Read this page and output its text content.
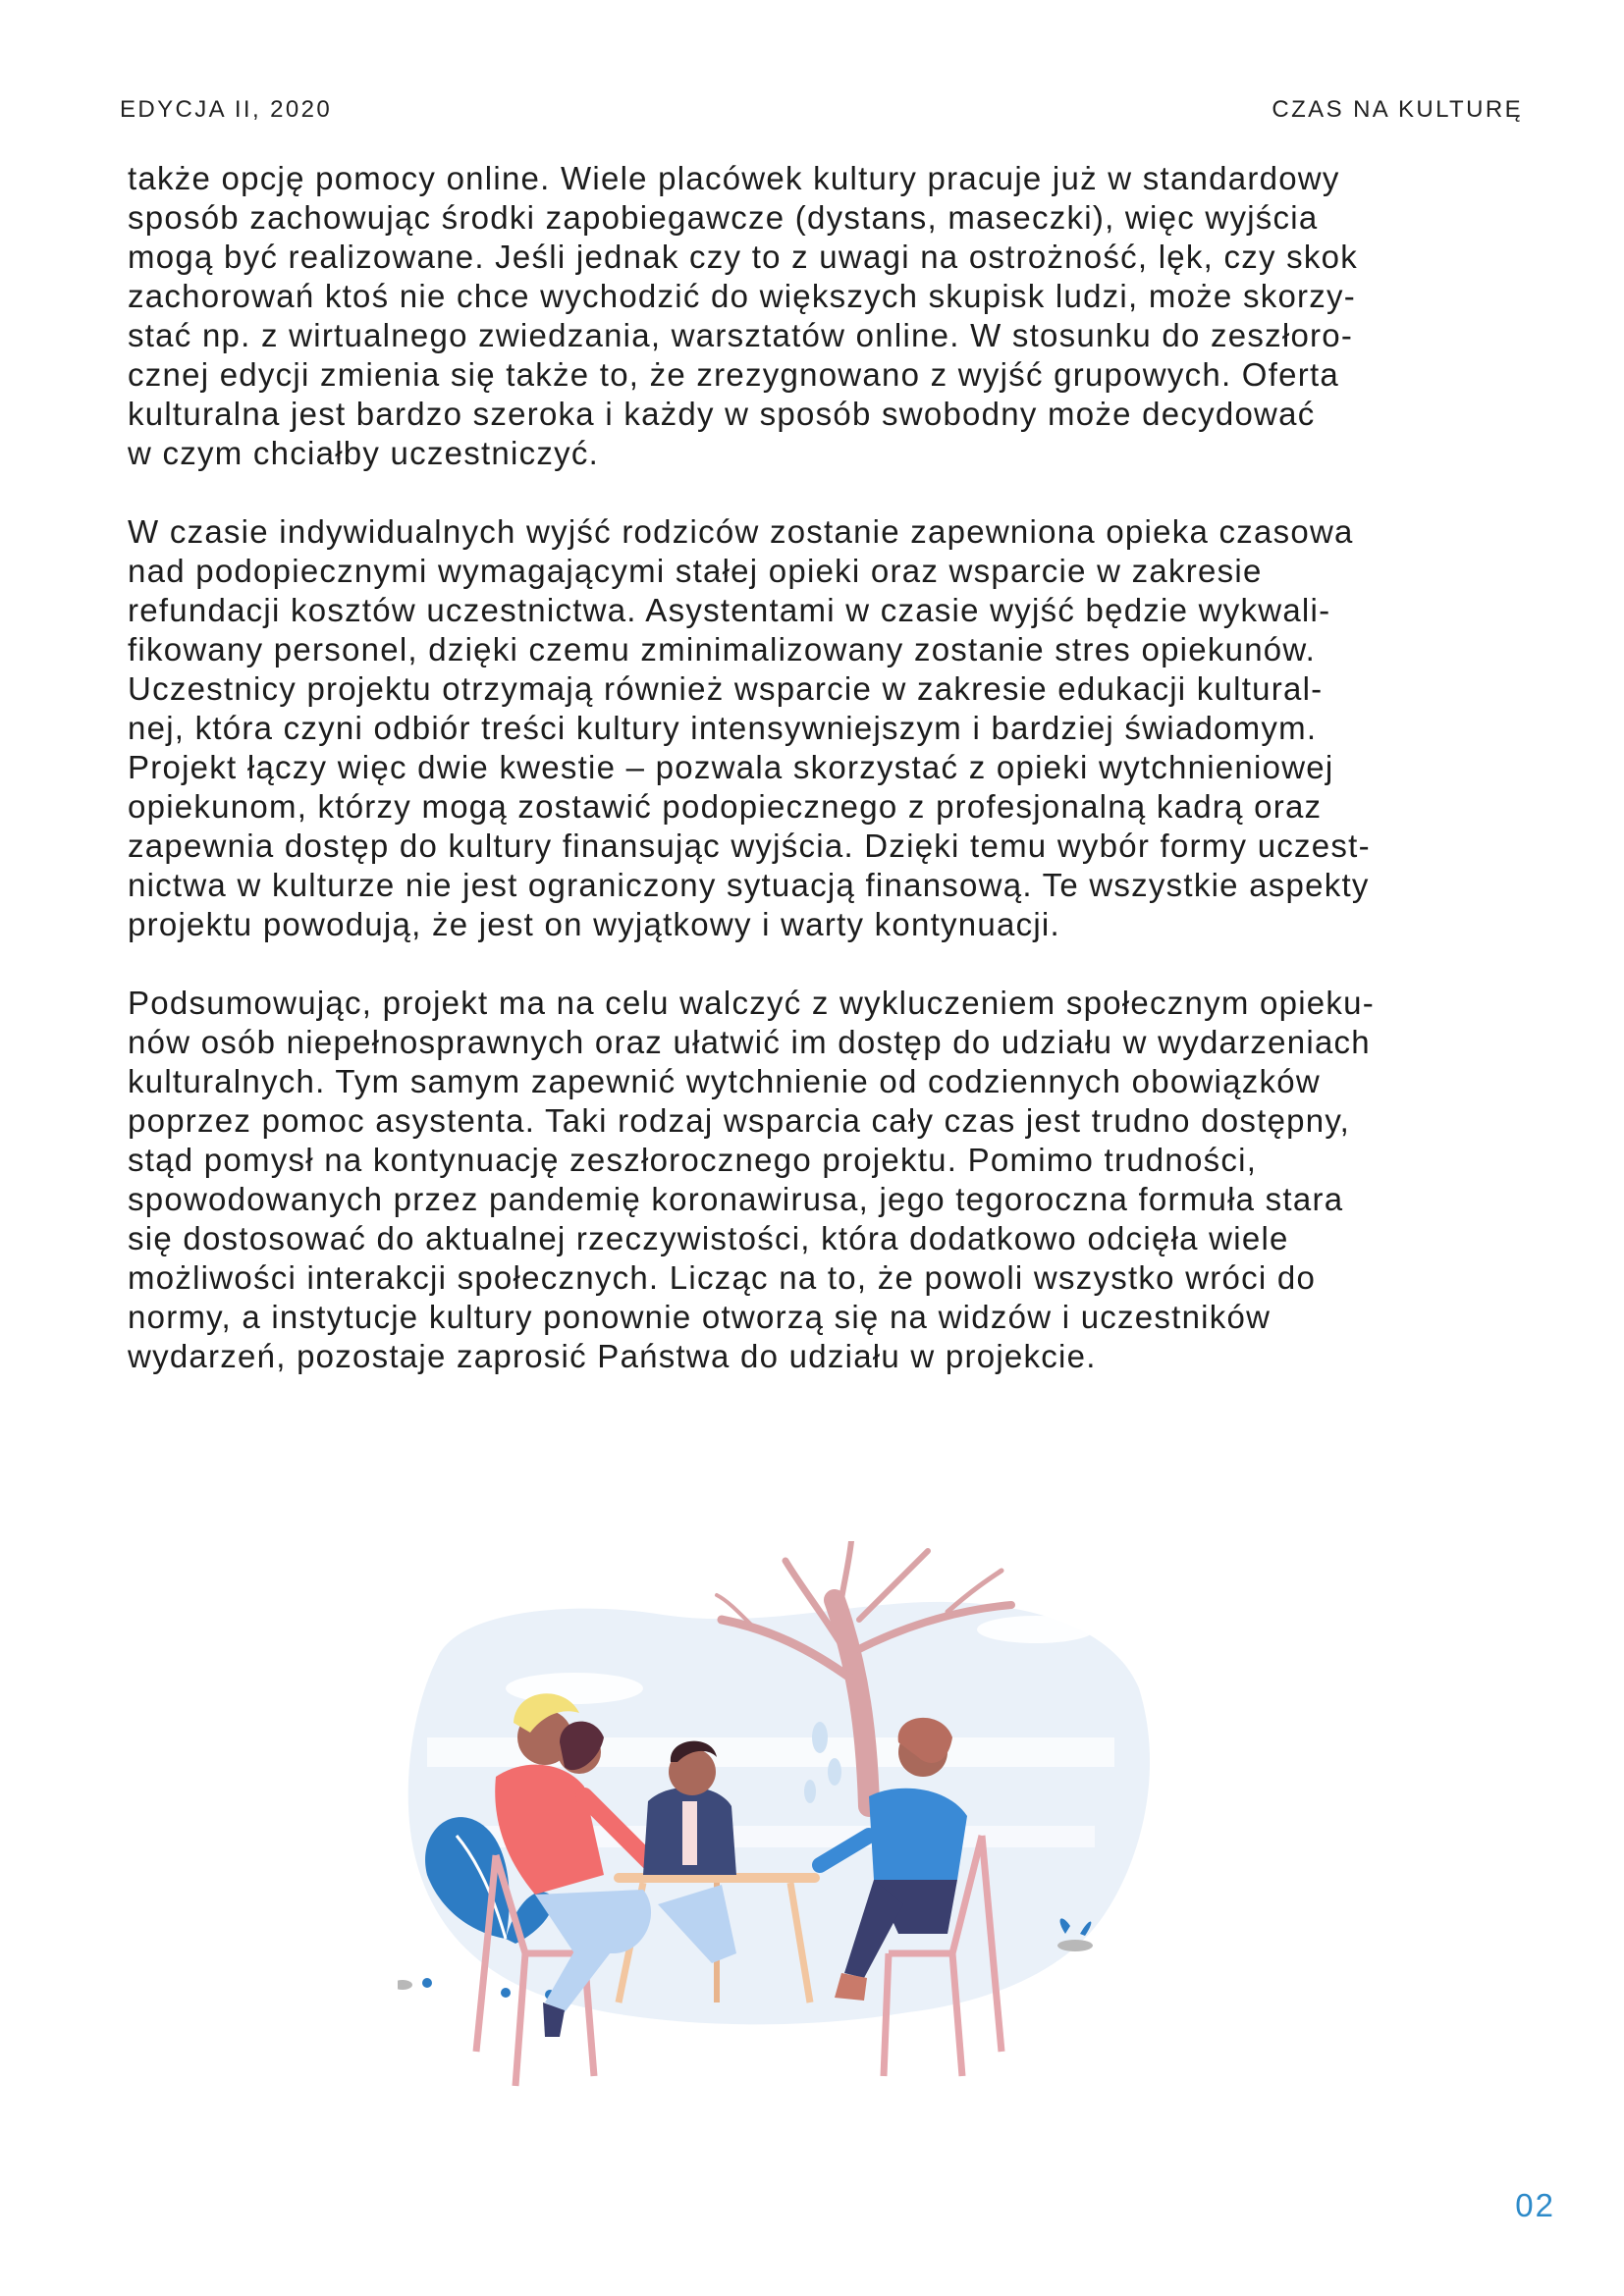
EDYCJA II, 2020	CZAS NA KULTURĘ
także opcję pomocy online. Wiele placówek kultury pracuje już w standardowy
sposób zachowując środki zapobiegawcze (dystans, maseczki), więc wyjścia
mogą być realizowane. Jeśli jednak czy to z uwagi na ostrożność, lęk, czy skok
zachorowań ktoś nie chce wychodzić do większych skupisk ludzi, może skorzy-
stać np. z wirtualnego zwiedzania, warsztatów online. W stosunku do zeszłoro-
cznej edycji zmienia się także to, że zrezygnowano z wyjść grupowych. Oferta
kulturalna jest bardzo szeroka i każdy w sposób swobodny może decydować
w czym chciałby uczestniczyć.
W czasie indywidualnych wyjść rodziców zostanie zapewniona opieka czasowa
nad podopiecznymi wymagającymi stałej opieki oraz wsparcie w zakresie
refundacji kosztów uczestnictwa. Asystentami w czasie wyjść będzie wykwali-
fikowany personel, dzięki czemu zminimalizowany zostanie stres opiekunów.
Uczestnicy projektu otrzymają również wsparcie w zakresie edukacji kultural-
nej, która czyni odbiór treści kultury intensywniejszym i bardziej świadomym.
Projekt łączy więc dwie kwestie – pozwala skorzystać z opieki wytchnieniowej
opiekunom, którzy mogą zostawić podopiecznego z profesjonalną kadrą oraz
zapewnia dostęp do kultury finansując wyjścia. Dzięki temu wybór formy uczest-
nictwa w kulturze nie jest ograniczony sytuacją finansową. Te wszystkie aspekty
projektu powodują, że jest on wyjątkowy i warty kontynuacji.
Podsumowując, projekt ma na celu walczyć z wykluczeniem społecznym opieku-
nów osób niepełnosprawnych oraz ułatwić im dostęp do udziału w wydarzeniach
kulturalnych. Tym samym zapewnić wytchnienie od codziennych obowiązków
poprzez pomoc asystenta. Taki rodzaj wsparcia cały czas jest trudno dostępny,
stąd pomysł na kontynuację zeszłorocznego projektu. Pomimo trudności,
spowodowanych przez pandemię koronawirusa, jego tegoroczna formuła stara
się dostosować do aktualnej rzeczywistości, która dodatkowo odcięła wiele
możliwości interakcji społecznych. Licząc na to, że powoli wszystko wróci do
normy, a instytucje kultury ponownie otworzą się na widzów i uczestników
wydarzeń, pozostaje zaprosić Państwa do udziału w projekcie.
02
